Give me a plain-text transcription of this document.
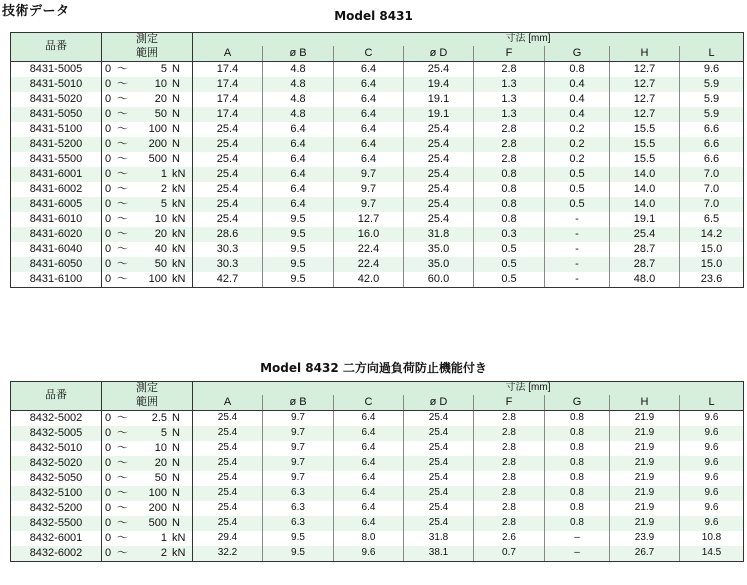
技術データ	Model 8431
品番	測定
範囲	寸法 [mm]							
		A	ø B	C	ø D	F	G	H	L
8431-5005	0 ～ 5 N	17.4	4.8	6.4	25.4	2.8	0.8	12.7	9.6
8431-5010	0 ～ 10 N	17.4	4.8	6.4	19.4	1.3	0.4	12.7	5.9
8431-5020	0 ～ 20 N	17.4	4.8	6.4	19.1	1.3	0.4	12.7	5.9
8431-5050	0 ～ 50 N	17.4	4.8	6.4	19.1	1.3	0.4	12.7	5.9
8431-5100	0 ～ 100 N	25.4	6.4	6.4	25.4	2.8	0.2	15.5	6.6
8431-5200	0 ～ 200 N	25.4	6.4	6.4	25.4	2.8	0.2	15.5	6.6
8431-5500	0 ～ 500 N	25.4	6.4	6.4	25.4	2.8	0.2	15.5	6.6
8431-6001	0 ～ 1 kN	25.4	6.4	9.7	25.4	0.8	0.5	14.0	7.0
8431-6002	0 ～ 2 kN	25.4	6.4	9.7	25.4	0.8	0.5	14.0	7.0
8431-6005	0 ～ 5 kN	25.4	6.4	9.7	25.4	0.8	0.5	14.0	7.0
8431-6010	0 ～ 10 kN	25.4	9.5	12.7	25.4	0.8	-	19.1	6.5
8431-6020	0 ～ 20 kN	28.6	9.5	16.0	31.8	0.3	-	25.4	14.2
8431-6040	0 ～ 40 kN	30.3	9.5	22.4	35.0	0.5	-	28.7	15.0
8431-6050	0 ～ 50 kN	30.3	9.5	22.4	35.0	0.5	-	28.7	15.0
8431-6100	0 ～ 100 kN	42.7	9.5	42.0	60.0	0.5	-	48.0	23.6
Model 8432 二方向過負荷防止機能付き
品番	測定
範囲	寸法 [mm]							
		A	ø B	C	ø D	F	G	H	L
8432-5002	0 ～ 2.5 N	25.4	9.7	6.4	25.4	2.8	0.8	21.9	9.6
8432-5005	0 ～ 5 N	25.4	9.7	6.4	25.4	2.8	0.8	21.9	9.6
8432-5010	0 ～ 10 N	25.4	9.7	6.4	25.4	2.8	0.8	21.9	9.6
8432-5020	0 ～ 20 N	25.4	9.7	6.4	25.4	2.8	0.8	21.9	9.6
8432-5050	0 ～ 50 N	25.4	9.7	6.4	25.4	2.8	0.8	21.9	9.6
8432-5100	0 ～ 100 N	25.4	6.3	6.4	25.4	2.8	0.8	21.9	9.6
8432-5200	0 ～ 200 N	25.4	6.3	6.4	25.4	2.8	0.8	21.9	9.6
8432-5500	0 ～ 500 N	25.4	6.3	6.4	25.4	2.8	0.8	21.9	9.6
8432-6001	0 ～ 1 kN	29.4	9.5	8.0	31.8	2.6	–	23.9	10.8
8432-6002	0 ～ 2 kN	32.2	9.5	9.6	38.1	0.7	–	26.7	14.5
